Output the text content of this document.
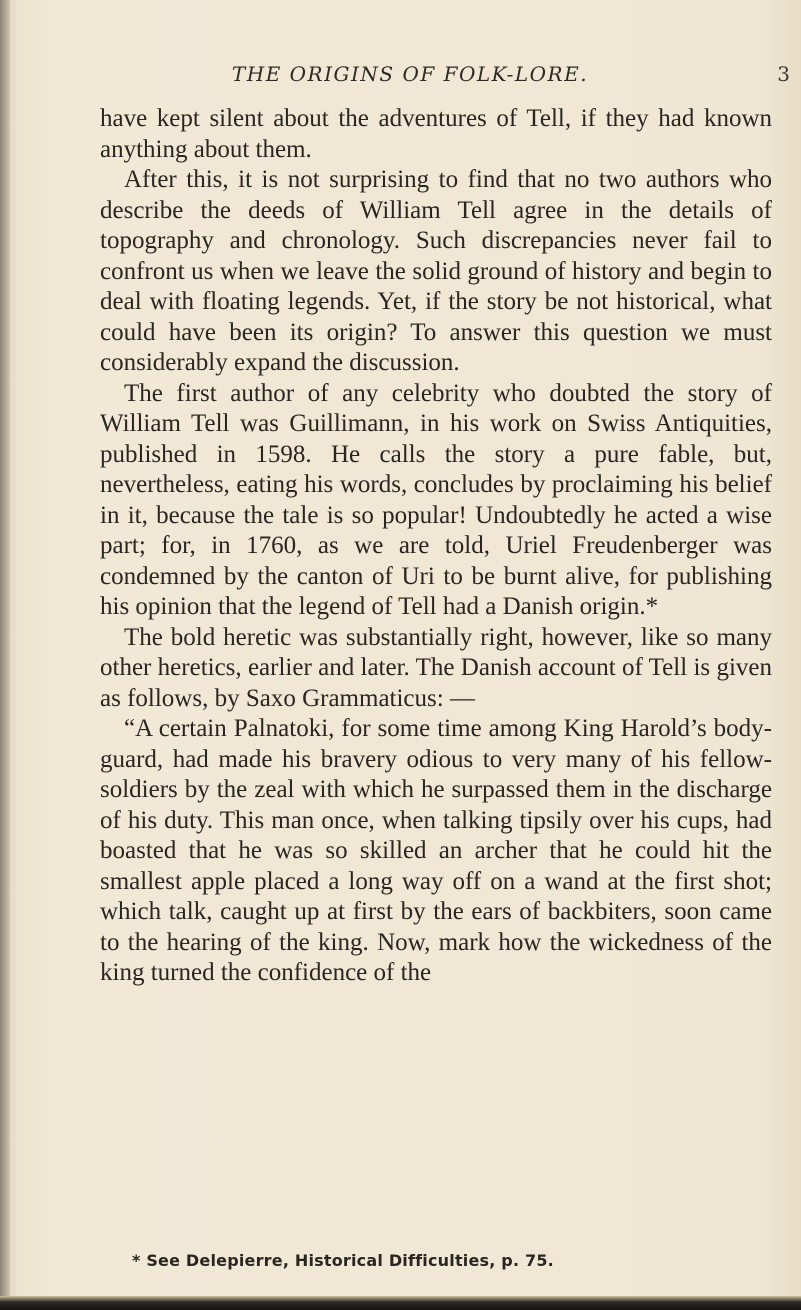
THE ORIGINS OF FOLK-LORE.	3

have kept silent about the adventures of Tell, if they had known anything about them.

After this, it is not surprising to find that no two authors who describe the deeds of William Tell agree in the details of topography and chronology. Such discrepancies never fail to confront us when we leave the solid ground of history and begin to deal with floating legends. Yet, if the story be not historical, what could have been its origin? To answer this question we must considerably expand the discussion.

The first author of any celebrity who doubted the story of William Tell was Guillimann, in his work on Swiss Antiquities, published in 1598. He calls the story a pure fable, but, nevertheless, eating his words, concludes by proclaiming his belief in it, because the tale is so popular! Undoubtedly he acted a wise part; for, in 1760, as we are told, Uriel Freudenberger was condemned by the canton of Uri to be burnt alive, for publishing his opinion that the legend of Tell had a Danish origin.*

The bold heretic was substantially right, however, like so many other heretics, earlier and later. The Danish account of Tell is given as follows, by Saxo Grammaticus: —

“A certain Palnatoki, for some time among King Harold’s body-guard, had made his bravery odious to very many of his fellow-soldiers by the zeal with which he surpassed them in the discharge of his duty. This man once, when talking tipsily over his cups, had boasted that he was so skilled an archer that he could hit the smallest apple placed a long way off on a wand at the first shot; which talk, caught up at first by the ears of backbiters, soon came to the hearing of the king. Now, mark how the wickedness of the king turned the confidence of the

* See Delepierre, Historical Difficulties, p. 75.
